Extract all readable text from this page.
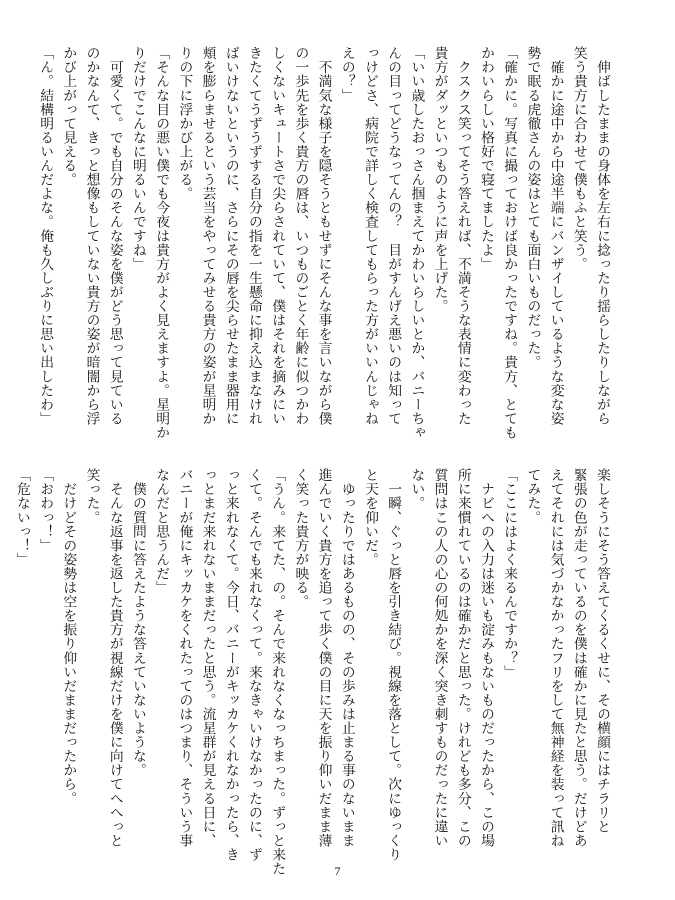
　伸ばしたままの身体を左右に捻ったり揺らしたりしながら
笑う貴方に合わせて僕もふと笑う。
　確かに途中から中途半端にバンザイしているような変な姿
勢で眠る虎徹さんの姿はとても面白いものだった。
「確かに。写真に撮っておけば良かったですね。貴方、とても
かわいらしい格好で寝てましたよ」
　クスクス笑ってそう答えれば、不満そうな表情に変わった
貴方がダッといつものように声を上げた。
「いい歳したおっさん掴まえてかわいらしいとか、バニーちゃ
んの目ってどうなってんの？　目がすんげえ悪いのは知って
っけどさ、病院で詳しく検査してもらった方がいいんじゃね
えの？」
　不満気な様子を隠そうともせずにそんな事を言いながら僕
の一歩先を歩く貴方の唇は、いつものごとく年齢に似つかわ
しくないキュートさで尖らされていて、僕はそれを摘みにい
きたくてうずうずする自分の指を一生懸命に抑え込まなけれ
ばいけないというのに、さらにその唇を尖らせたまま器用に
頬を膨らませるという芸当をやってみせる貴方の姿が星明か
りの下に浮かび上がる。
「そんな目の悪い僕でも今夜は貴方がよく見えますよ。星明か
りだけでこんなに明るいんですね」
　可愛くて。でも自分のそんな姿を僕がどう思って見ている
のかなんて、きっと想像もしていない貴方の姿が暗闇から浮
かび上がって見える。
「ん。結構明るいんだよな。俺も久しぶりに思い出したわ」
楽しそうにそう答えてくるくせに、その横顔にはチラリと
緊張の色が走っているのを僕は確かに見たと思う。だけどあ
えてそれには気づかなかったフリをして無神経を装って訊ね
てみた。
「ここにはよく来るんですか？」
　ナビへの入力は迷いも淀みもないものだったから、この場
所に来慣れているのは確かだと思った。けれども多分、この
質問はこの人の心の何処かを深く突き刺すものだったに違い
ない。
　一瞬、ぐっと唇を引き結び。視線を落として。次にゆっくり
と天を仰いだ。
　ゆったりではあるものの、その歩みは止まる事のないまま
進んでいく貴方を追って歩く僕の目に天を振り仰いだまま薄
く笑った貴方が映る。
「うん。来てた、の。そんで来れなくなっちまった。ずっと来た
くて。そんでも来れなくって。来なきゃいけなかったのに、ず
っと来れなくて。今日、バニーがキッカケくれなかったら、き
っとまだ来れないままだったと思う。流星群が見える日に、
バニーが俺にキッカケをくれたってのはつまり、そういう事
なんだと思うんだ」
　僕の質問に答えたような答えていないような。
　そんな返事を返した貴方が視線だけを僕に向けてへへっと
笑った。
　だけどその姿勢は空を振り仰いだままだったから。
「おわっ！」
「危ないっ！」
7
